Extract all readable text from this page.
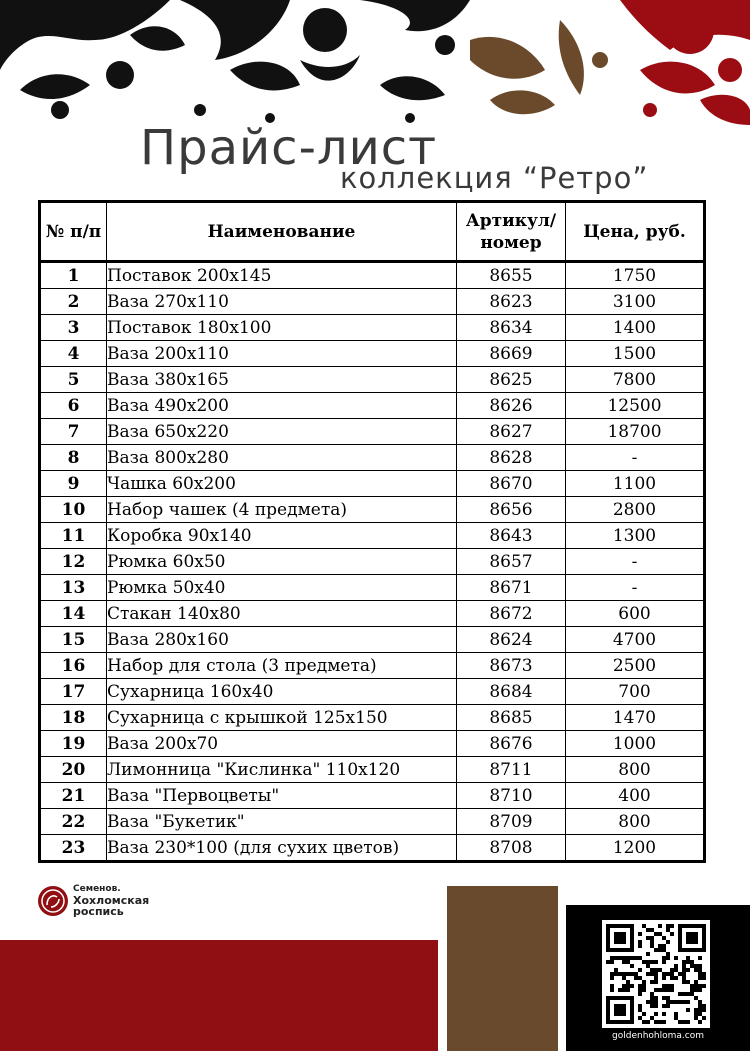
Прайс-лист
коллекция “Ретро”
№ п/п	Наименование	Артикул/
номер	Цена, руб.
1	Поставок 200х145	8655	1750
2	Ваза 270х110	8623	3100
3	Поставок 180х100	8634	1400
4	Ваза 200х110	8669	1500
5	Ваза 380х165	8625	7800
6	Ваза 490х200	8626	12500
7	Ваза 650х220	8627	18700
8	Ваза 800х280	8628	-
9	Чашка 60х200	8670	1100
10	Набор чашек (4 предмета)	8656	2800
11	Коробка 90х140	8643	1300
12	Рюмка 60х50	8657	-
13	Рюмка 50х40	8671	-
14	Стакан 140х80	8672	600
15	Ваза 280х160	8624	4700
16	Набор для стола (3 предмета)	8673	2500
17	Сухарница 160х40	8684	700
18	Сухарница с крышкой 125х150	8685	1470
19	Ваза 200х70	8676	1000
20	Лимонница "Кислинка" 110х120	8711	800
21	Ваза "Первоцветы"	8710	400
22	Ваза "Букетик"	8709	800
23	Ваза 230*100 (для сухих цветов)	8708	1200
Семенов.
Хохломская
роспись
goldenhohloma.com
